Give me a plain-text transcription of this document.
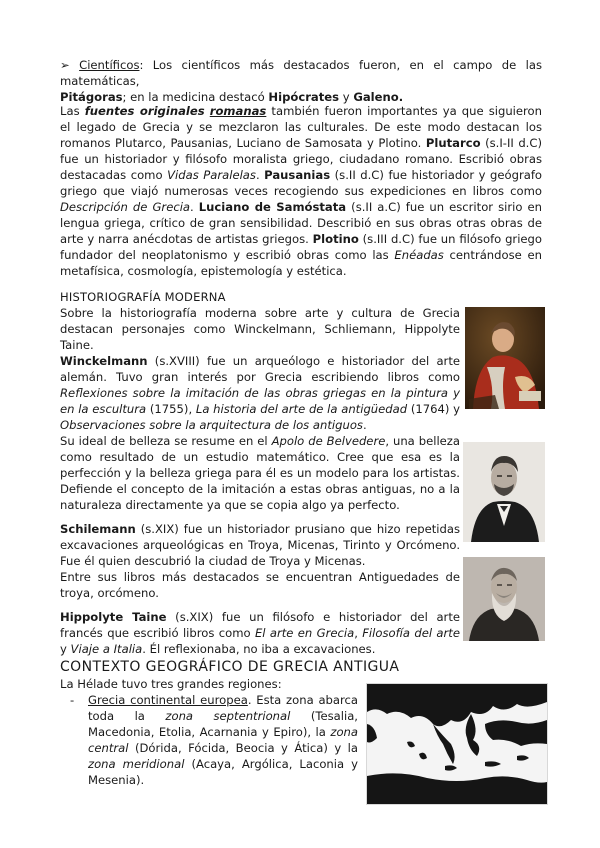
➢ Científicos: Los científicos más destacados fueron, en el campo de las matemáticas,
Pitágoras; en la medicina destacó Hipócrates y Galeno.

Las fuentes originales romanas también fueron importantes ya que siguieron el legado de Grecia y se mezclaron las culturales. De este modo destacan los romanos Plutarco, Pausanias, Luciano de Samosata y Plotino. Plutarco (s.I-II d.C) fue un historiador y filósofo moralista griego, ciudadano romano. Escribió obras destacadas como Vidas Paralelas. Pausanias (s.II d.C) fue historiador y geógrafo griego que viajó numerosas veces recogiendo sus expediciones en libros como Descripción de Grecia. Luciano de Samóstata (s.II a.C) fue un escritor sirio en lengua griega, crítico de gran sensibilidad. Describió en sus obras otras obras de arte y narra anécdotas de artistas griegos. Plotino (s.III d.C) fue un filósofo griego fundador del neoplatonismo y escribió obras como las Enéadas centrándose en metafísica, cosmología, epistemología y estética.

HISTORIOGRAFÍA MODERNA

Sobre la historiografía moderna sobre arte y cultura de Grecia destacan personajes como Winckelmann, Schliemann, Hippolyte Taine.

Winckelmann (s.XVIII) fue un arqueólogo e historiador del arte alemán. Tuvo gran interés por Grecia escribiendo libros como Reflexiones sobre la imitación de las obras griegas en la pintura y en la escultura (1755), La historia del arte de la antigüedad (1764) y Observaciones sobre la arquitectura de los antiguos.

Su ideal de belleza se resume en el Apolo de Belvedere, una belleza como resultado de un estudio matemático. Cree que esa es la perfección y la belleza griega para él es un modelo para los artistas. Defiende el concepto de la imitación a estas obras antiguas, no a la naturaleza directamente ya que se copia algo ya perfecto.

Schilemann (s.XIX) fue un historiador prusiano que hizo repetidas excavaciones arqueológicas en Troya, Micenas, Tirinto y Orcómeno. Fue él quien descubrió la ciudad de Troya y Micenas.

Entre sus libros más destacados se encuentran Antiguedades de troya, orcómeno.

Hippolyte Taine (s.XIX) fue un filósofo e historiador del arte francés que escribió libros como El arte en Grecia, Filosofía del arte y Viaje a Italia. Él reflexionaba, no iba a excavaciones.

CONTEXTO GEOGRÁFICO DE GRECIA ANTIGUA
La Hélade tuvo tres grandes regiones:
- Grecia continental europea. Esta zona abarca toda la zona septentrional (Tesalia, Macedonia, Etolia, Acarnania y Epiro), la zona central (Dórida, Fócida, Beocia y Ática) y la zona meridional (Acaya, Argólica, Laconia y Mesenia).
